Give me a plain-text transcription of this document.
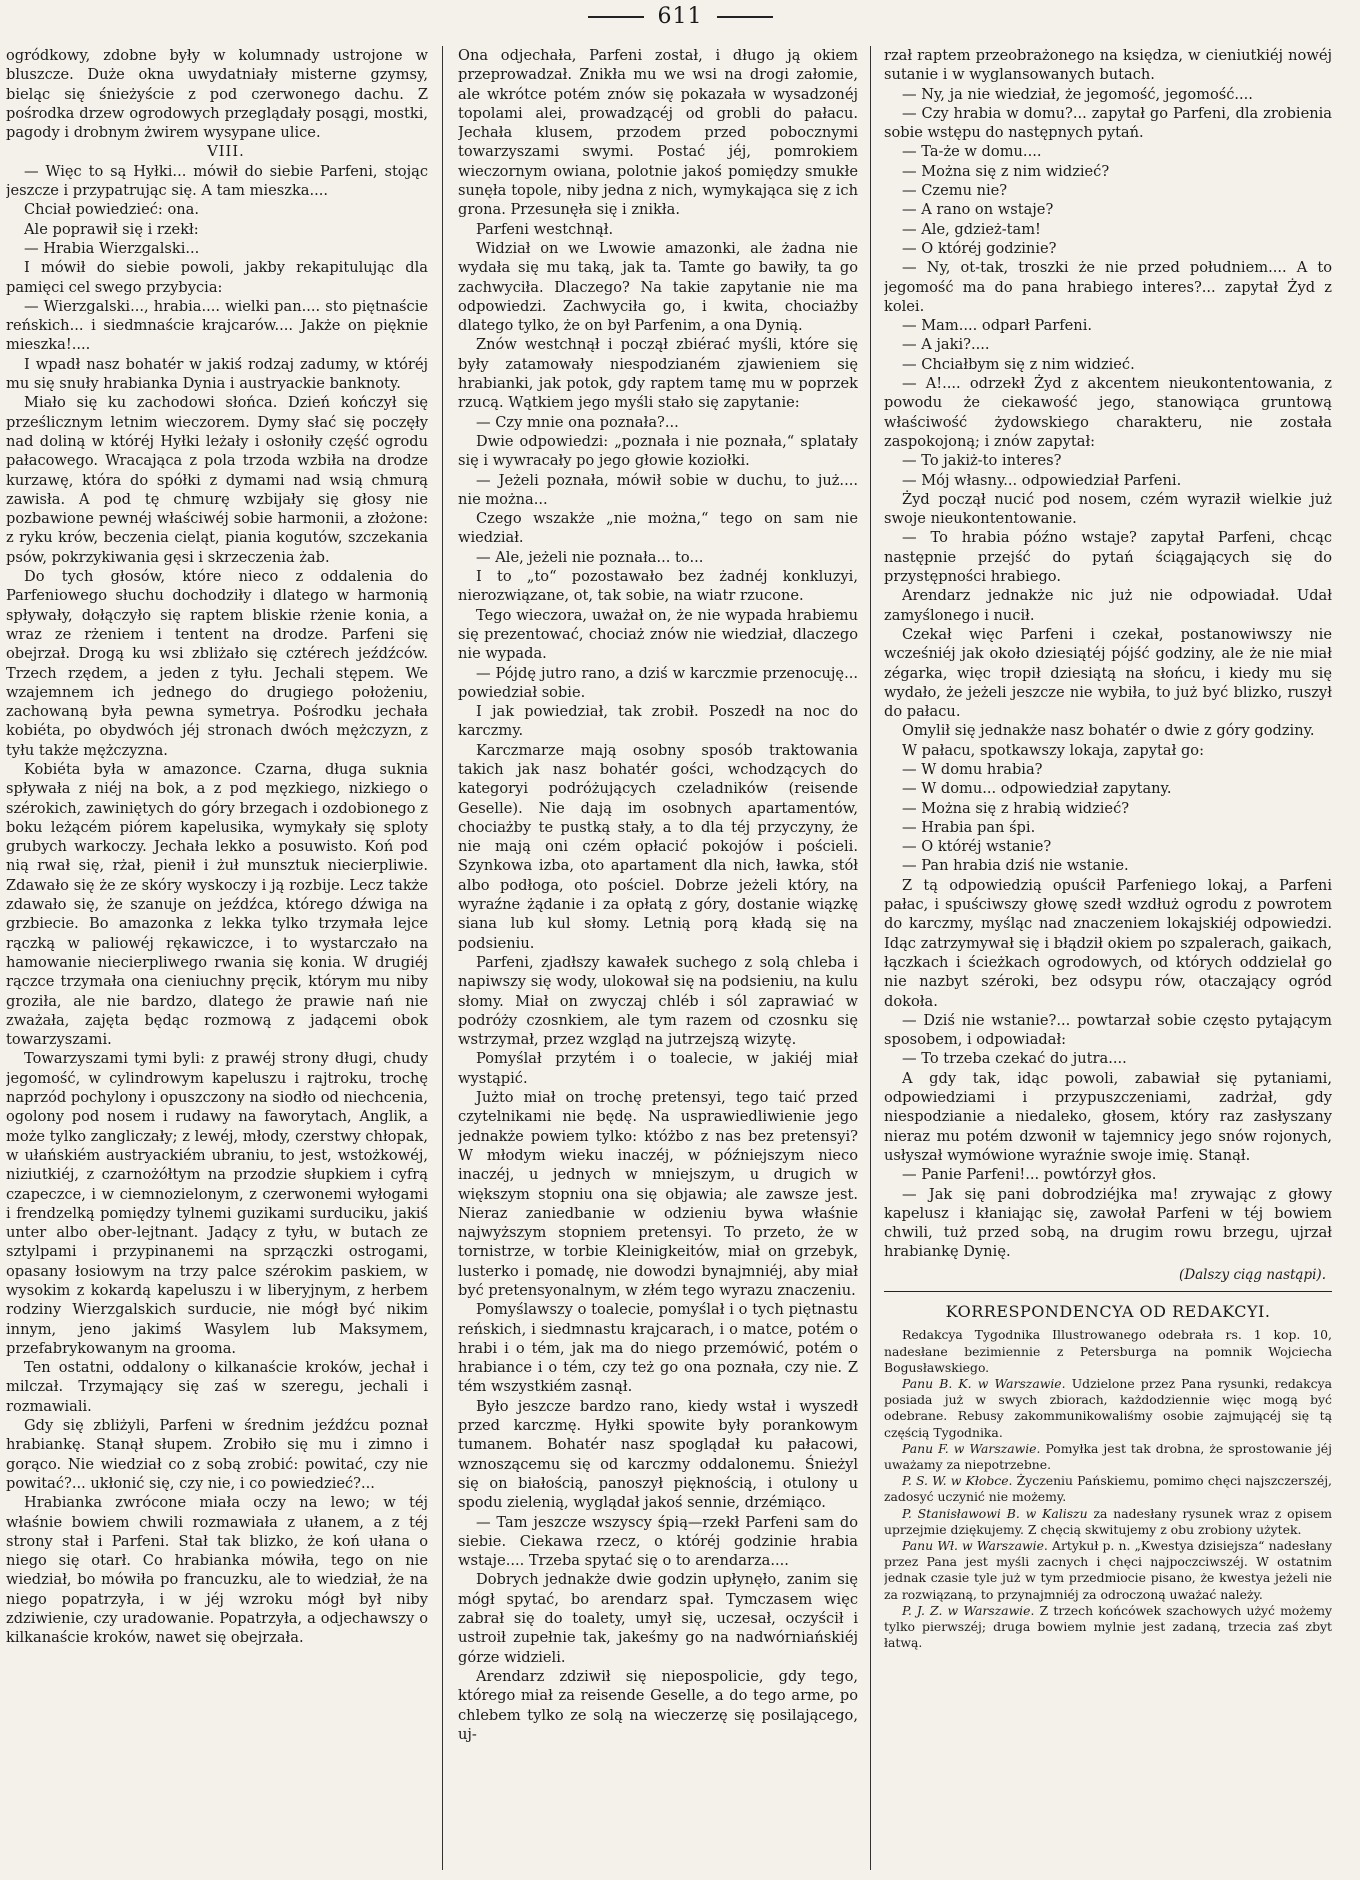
611

ogródkowy, zdobne były w kolumnady ustrojone w bluszcze. Duże okna uwydatniały misterne gzymsy, bieląc się śnieżyście z pod czerwonego dachu. Z pośrodka drzew ogrodowych przeglądały posągi, mostki, pagody i drobnym żwirem wysypane ulice.

VIII.

— Więc to są Hyłki... mówił do siebie Parfeni, stojąc jeszcze i przypatrując się. A tam mieszka....

Chciał powiedzieć: ona.

Ale poprawił się i rzekł:

— Hrabia Wierzgalski...

I mówił do siebie powoli, jakby rekapitulując dla pamięci cel swego przybycia:

— Wierzgalski..., hrabia.... wielki pan.... sto piętnaście reńskich... i siedmnaście krajcarów.... Jakże on pięknie mieszka!....

I wpadł nasz bohatér w jakiś rodzaj zadumy, w któréj mu się snuły hrabianka Dynia i austryackie banknoty.

Miało się ku zachodowi słońca. Dzień kończył się prześlicznym letnim wieczorem. Dymy słać się poczęły nad doliną w któréj Hyłki leżały i osłoniły część ogrodu pałacowego. Wracająca z pola trzoda wzbiła na drodze kurzawę, która do spółki z dymami nad wsią chmurą zawisła. A pod tę chmurę wzbijały się głosy nie pozbawione pewnéj właściwéj sobie harmonii, a złożone: z ryku krów, beczenia cieląt, piania kogutów, szczekania psów, pokrzykiwania gęsi i skrzeczenia żab.

Do tych głosów, które nieco z oddalenia do Parfeniowego słuchu dochodziły i dlatego w harmonią spływały, dołączyło się raptem bliskie rżenie konia, a wraz ze rżeniem i tentent na drodze. Parfeni się obejrzał. Drogą ku wsi zbliżało się cztérech jeźdźców. Trzech rzędem, a jeden z tyłu. Jechali stępem. We wzajemnem ich jednego do drugiego położeniu, zachowaną była pewna symetrya. Pośrodku jechała kobiéta, po obydwóch jéj stronach dwóch mężczyzn, z tyłu także mężczyzna.

Kobiéta była w amazonce. Czarna, długa suknia spływała z niéj na bok, a z pod męzkiego, nizkiego o szérokich, zawiniętych do góry brzegach i ozdobionego z boku leżącém piórem kapelusika, wymykały się sploty grubych warkoczy. Jechała lekko a posuwisto. Koń pod nią rwał się, rżał, pienił i żuł munsztuk niecierpliwie. Zdawało się że ze skóry wyskoczy i ją rozbije. Lecz także zdawało się, że szanuje on jeźdźca, którego dźwiga na grzbiecie. Bo amazonka z lekka tylko trzymała lejce rączką w paliowéj rękawiczce, i to wystarczało na hamowanie niecierpliwego rwania się konia. W drugiéj rączce trzymała ona cieniuchny pręcik, którym mu niby groziła, ale nie bardzo, dlatego że prawie nań nie zważała, zajęta będąc rozmową z jadącemi obok towarzyszami.

Towarzyszami tymi byli: z prawéj strony długi, chudy jegomość, w cylindrowym kapeluszu i rajtroku, trochę naprzód pochylony i opuszczony na siodło od niechcenia, ogolony pod nosem i rudawy na faworytach, Anglik, a może tylko zangliczały; z lewéj, młody, czerstwy chłopak, w ułańskiém austryackiém ubraniu, to jest, wstożkowéj, niziutkiéj, z czarnożółtym na przodzie słupkiem i cyfrą czapeczce, i w ciemnozielonym, z czerwonemi wyłogami i frendzelką pomiędzy tylnemi guzikami surduciku, jakiś unter albo ober-lejtnant. Jadący z tyłu, w butach ze sztylpami i przypinanemi na sprzączki ostrogami, opasany łosiowym na trzy palce szérokim paskiem, w wysokim z kokardą kapeluszu i w liberyjnym, z herbem rodziny Wierzgalskich surducie, nie mógł być nikim innym, jeno jakimś Wasylem lub Maksymem, przefabrykowanym na grooma.

Ten ostatni, oddalony o kilkanaście kroków, jechał i milczał. Trzymający się zaś w szeregu, jechali i rozmawiali.

Gdy się zbliżyli, Parfeni w średnim jeźdźcu poznał hrabiankę. Stanął słupem. Zrobiło się mu i zimno i gorąco. Nie wiedział co z sobą zrobić: powitać, czy nie powitać?... ukłonić się, czy nie, i co powiedzieć?...

Hrabianka zwrócone miała oczy na lewo; w téj właśnie bowiem chwili rozmawiała z ułanem, a z téj strony stał i Parfeni. Stał tak blizko, że koń ułana o niego się otarł. Co hrabianka mówiła, tego on nie wiedział, bo mówiła po francuzku, ale to wiedział, że na niego popatrzyła, i w jéj wzroku mógł był niby zdziwienie, czy uradowanie. Popatrzyła, a odjechawszy o kilkanaście kroków, nawet się obejrzała.

Ona odjechała, Parfeni został, i długo ją okiem przeprowadzał. Znikła mu we wsi na drogi załomie, ale wkrótce potém znów się pokazała w wysadzonéj topolami alei, prowadzącéj od grobli do pałacu. Jechała klusem, przodem przed pobocznymi towarzyszami swymi. Postać jéj, pomrokiem wieczornym owiana, polotnie jakoś pomiędzy smukłe sunęła topole, niby jedna z nich, wymykająca się z ich grona. Przesunęła się i znikła.

Parfeni westchnął.

Widział on we Lwowie amazonki, ale żadna nie wydała się mu taką, jak ta. Tamte go bawiły, ta go zachwyciła. Dlaczego? Na takie zapytanie nie ma odpowiedzi. Zachwyciła go, i kwita, chociażby dlatego tylko, że on był Parfenim, a ona Dynią.

Znów westchnął i począł zbiérać myśli, które się były zatamowały niespodzianém zjawieniem się hrabianki, jak potok, gdy raptem tamę mu w poprzek rzucą. Wątkiem jego myśli stało się zapytanie:

— Czy mnie ona poznała?...

Dwie odpowiedzi: „poznała i nie poznała,“ splatały się i wywracały po jego głowie koziołki.

— Jeżeli poznała, mówił sobie w duchu, to już.... nie można...

Czego wszakże „nie można,“ tego on sam nie wiedział.

— Ale, jeżeli nie poznała... to...

I to „to“ pozostawało bez żadnéj konkluzyi, nierozwiązane, ot, tak sobie, na wiatr rzucone.

Tego wieczora, uważał on, że nie wypada hrabiemu się prezentować, chociaż znów nie wiedział, dlaczego nie wypada.

— Pójdę jutro rano, a dziś w karczmie przenocuję... powiedział sobie.

I jak powiedział, tak zrobił. Poszedł na noc do karczmy.

Karczmarze mają osobny sposób traktowania takich jak nasz bohatér gości, wchodzących do kategoryi podróżujących czeladników (reisende Geselle). Nie dają im osobnych apartamentów, chociażby te pustką stały, a to dla téj przyczyny, że nie mają oni czém opłacić pokojów i pościeli. Szynkowa izba, oto apartament dla nich, ławka, stół albo podłoga, oto pościel. Dobrze jeżeli który, na wyraźne żądanie i za opłatą z góry, dostanie wiązkę siana lub kul słomy. Letnią porą kładą się na podsieniu.

Parfeni, zjadłszy kawałek suchego z solą chleba i napiwszy się wody, ulokował się na podsieniu, na kulu słomy. Miał on zwyczaj chléb i sól zaprawiać w podróży czosnkiem, ale tym razem od czosnku się wstrzymał, przez wzgląd na jutrzejszą wizytę.

Pomyślał przytém i o toalecie, w jakiéj miał wystąpić.

Jużto miał on trochę pretensyi, tego taić przed czytelnikami nie będę. Na usprawiedliwienie jego jednakże powiem tylko: któżbo z nas bez pretensyi? W młodym wieku inaczéj, w późniejszym nieco inaczéj, u jednych w mniejszym, u drugich w większym stopniu ona się objawia; ale zawsze jest. Nieraz zaniedbanie w odzieniu bywa właśnie najwyższym stopniem pretensyi. To przeto, że w tornistrze, w torbie Kleinigkeitów, miał on grzebyk, lusterko i pomadę, nie dowodzi bynajmniéj, aby miał być pretensyonalnym, w złém tego wyrazu znaczeniu.

Pomyślawszy o toalecie, pomyślał i o tych piętnastu reńskich, i siedmnastu krajcarach, i o matce, potém o hrabi i o tém, jak ma do niego przemówić, potém o hrabiance i o tém, czy też go ona poznała, czy nie. Z tém wszystkiém zasnął.

Było jeszcze bardzo rano, kiedy wstał i wyszedł przed karczmę. Hyłki spowite były porankowym tumanem. Bohatér nasz spoglądał ku pałacowi, wznoszącemu się od karczmy oddalonemu. Śnieżyl się on białością, panoszył pięknością, i otulony u spodu zielenią, wyglądał jakoś sennie, drzémiąco.

— Tam jeszcze wszyscy śpią—rzekł Parfeni sam do siebie. Ciekawa rzecz, o któréj godzinie hrabia wstaje.... Trzeba spytać się o to arendarza....

Dobrych jednakże dwie godzin upłynęło, zanim się mógł spytać, bo arendarz spał. Tymczasem więc zabrał się do toalety, umył się, uczesał, oczyścił i ustroił zupełnie tak, jakeśmy go na nadwórniańskiéj górze widzieli.

Arendarz zdziwił się niepospolicie, gdy tego, którego miał za reisende Geselle, a do tego arme, po chlebem tylko ze solą na wieczerzę się posilającego, uj-

rzał raptem przeobrażonego na księdza, w cieniutkiéj nowéj sutanie i w wyglansowanych butach.

— Ny, ja nie wiedział, że jegomość, jegomość....

— Czy hrabia w domu?... zapytał go Parfeni, dla zrobienia sobie wstępu do następnych pytań.

— Ta-że w domu....

— Można się z nim widzieć?

— Czemu nie?

— A rano on wstaje?

— Ale, gdzież-tam!

— O któréj godzinie?

— Ny, ot-tak, troszki że nie przed południem.... A to jegomość ma do pana hrabiego interes?... zapytał Żyd z kolei.

— Mam.... odparł Parfeni.

— A jaki?....

— Chciałbym się z nim widzieć.

— A!.... odrzekł Żyd z akcentem nieukontentowania, z powodu że ciekawość jego, stanowiąca gruntową właściwość żydowskiego charakteru, nie została zaspokojoną; i znów zapytał:

— To jakiż-to interes?

— Mój własny... odpowiedział Parfeni.

Żyd począł nucić pod nosem, czém wyraził wielkie już swoje nieukontentowanie.

— To hrabia późno wstaje? zapytał Parfeni, chcąc następnie przejść do pytań ściągających się do przystępności hrabiego.

Arendarz jednakże nic już nie odpowiadał. Udał zamyślonego i nucił.

Czekał więc Parfeni i czekał, postanowiwszy nie wcześniéj jak około dziesiątéj pójść godziny, ale że nie miał zégarka, więc tropił dziesiątą na słońcu, i kiedy mu się wydało, że jeżeli jeszcze nie wybiła, to już być blizko, ruszył do pałacu.

Omylił się jednakże nasz bohatér o dwie z góry godziny.

W pałacu, spotkawszy lokaja, zapytał go:

— W domu hrabia?

— W domu... odpowiedział zapytany.

— Można się z hrabią widzieć?

— Hrabia pan śpi.

— O któréj wstanie?

— Pan hrabia dziś nie wstanie.

Z tą odpowiedzią opuścił Parfeniego lokaj, a Parfeni pałac, i spuściwszy głowę szedł wzdłuż ogrodu z powrotem do karczmy, myśląc nad znaczeniem lokajskiéj odpowiedzi. Idąc zatrzymywał się i błądził okiem po szpalerach, gaikach, łączkach i ścieżkach ogrodowych, od których oddzielał go nie nazbyt széroki, bez odsypu rów, otaczający ogród dokoła.

— Dziś nie wstanie?... powtarzał sobie często pytającym sposobem, i odpowiadał:

— To trzeba czekać do jutra....

A gdy tak, idąc powoli, zabawiał się pytaniami, odpowiedziami i przypuszczeniami, zadrżał, gdy niespodzianie a niedaleko, głosem, który raz zasłyszany nieraz mu potém dzwonił w tajemnicy jego snów rojonych, usłyszał wymówione wyraźnie swoje imię. Stanął.

— Panie Parfeni!... powtórzył głos.

— Jak się pani dobrodziéjka ma! zrywając z głowy kapelusz i kłaniając się, zawołał Parfeni w téj bowiem chwili, tuż przed sobą, na drugim rowu brzegu, ujrzał hrabiankę Dynię.

(Dalszy ciąg nastąpi).
KORRESPONDENCYA OD REDAKCYI.

Redakcya Tygodnika Illustrowanego odebrała rs. 1 kop. 10, nadesłane bezimiennie z Petersburga na pomnik Wojciecha Bogusławskiego.

Panu B. K. w Warszawie. Udzielone przez Pana rysunki, redakcya posiada już w swych zbiorach, każdodziennie więc mogą być odebrane. Rebusy zakommunikowaliśmy osobie zajmującéj się tą częścią Tygodnika.

Panu F. w Warszawie. Pomyłka jest tak drobna, że sprostowanie jéj uważamy za niepotrzebne.

P. S. W. w Kłobce. Życzeniu Pańskiemu, pomimo chęci najszczerszéj, zadosyć uczynić nie możemy.

P. Stanisławowi B. w Kaliszu za nadesłany rysunek wraz z opisem uprzejmie dziękujemy. Z chęcią skwitujemy z obu zrobiony użytek.

Panu Wł. w Warszawie. Artykuł p. n. „Kwestya dzisiejsza“ nadesłany przez Pana jest myśli zacnych i chęci najpoczciwszéj. W ostatnim jednak czasie tyle już w tym przedmiocie pisano, że kwestya jeżeli nie za rozwiązaną, to przynajmniéj za odroczoną uważać należy.

P. J. Z. w Warszawie. Z trzech końcówek szachowych użyć możemy tylko pierwszéj; druga bowiem mylnie jest zadaną, trzecia zaś zbyt łatwą.
